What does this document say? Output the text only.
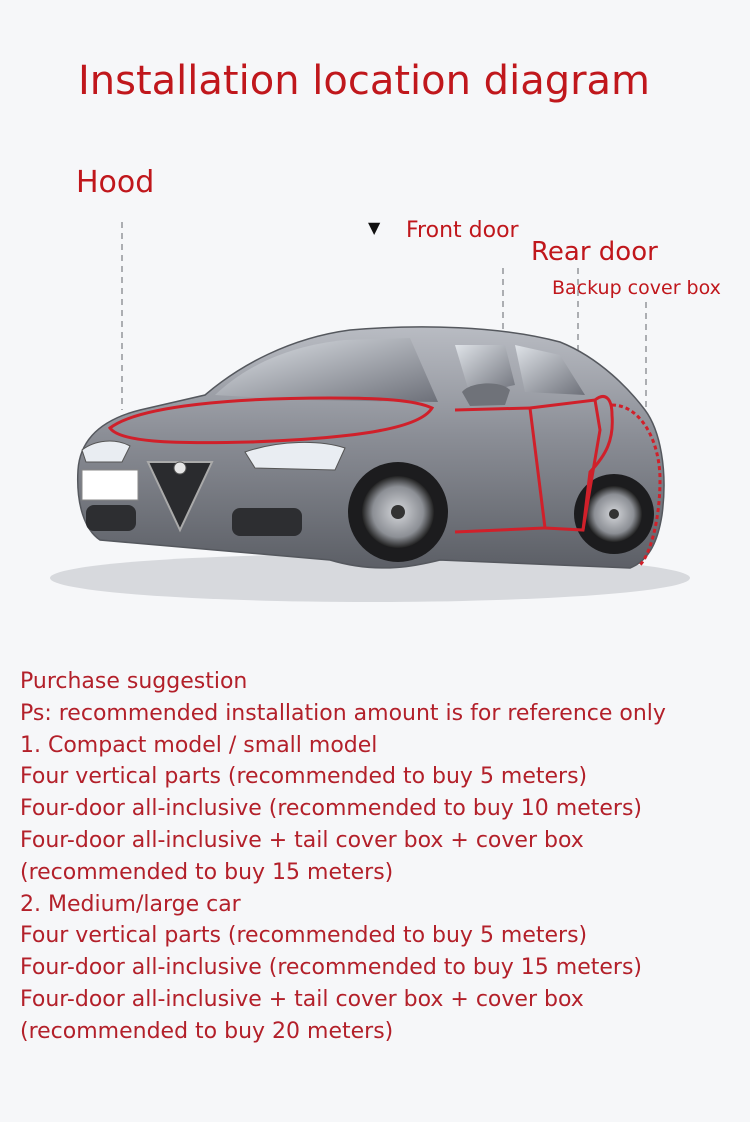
Installation location diagram
Hood
▼ Front door
Rear door
Backup cover box
Purchase suggestion
Ps: recommended installation amount is for reference only
1. Compact model / small model
Four vertical parts (recommended to buy 5 meters)
Four-door all-inclusive (recommended to buy 10 meters)
Four-door all-inclusive + tail cover box + cover box
(recommended to buy 15 meters)
2. Medium/large car
Four vertical parts (recommended to buy 5 meters)
Four-door all-inclusive (recommended to buy 15 meters)
Four-door all-inclusive + tail cover box + cover box
(recommended to buy 20 meters)
